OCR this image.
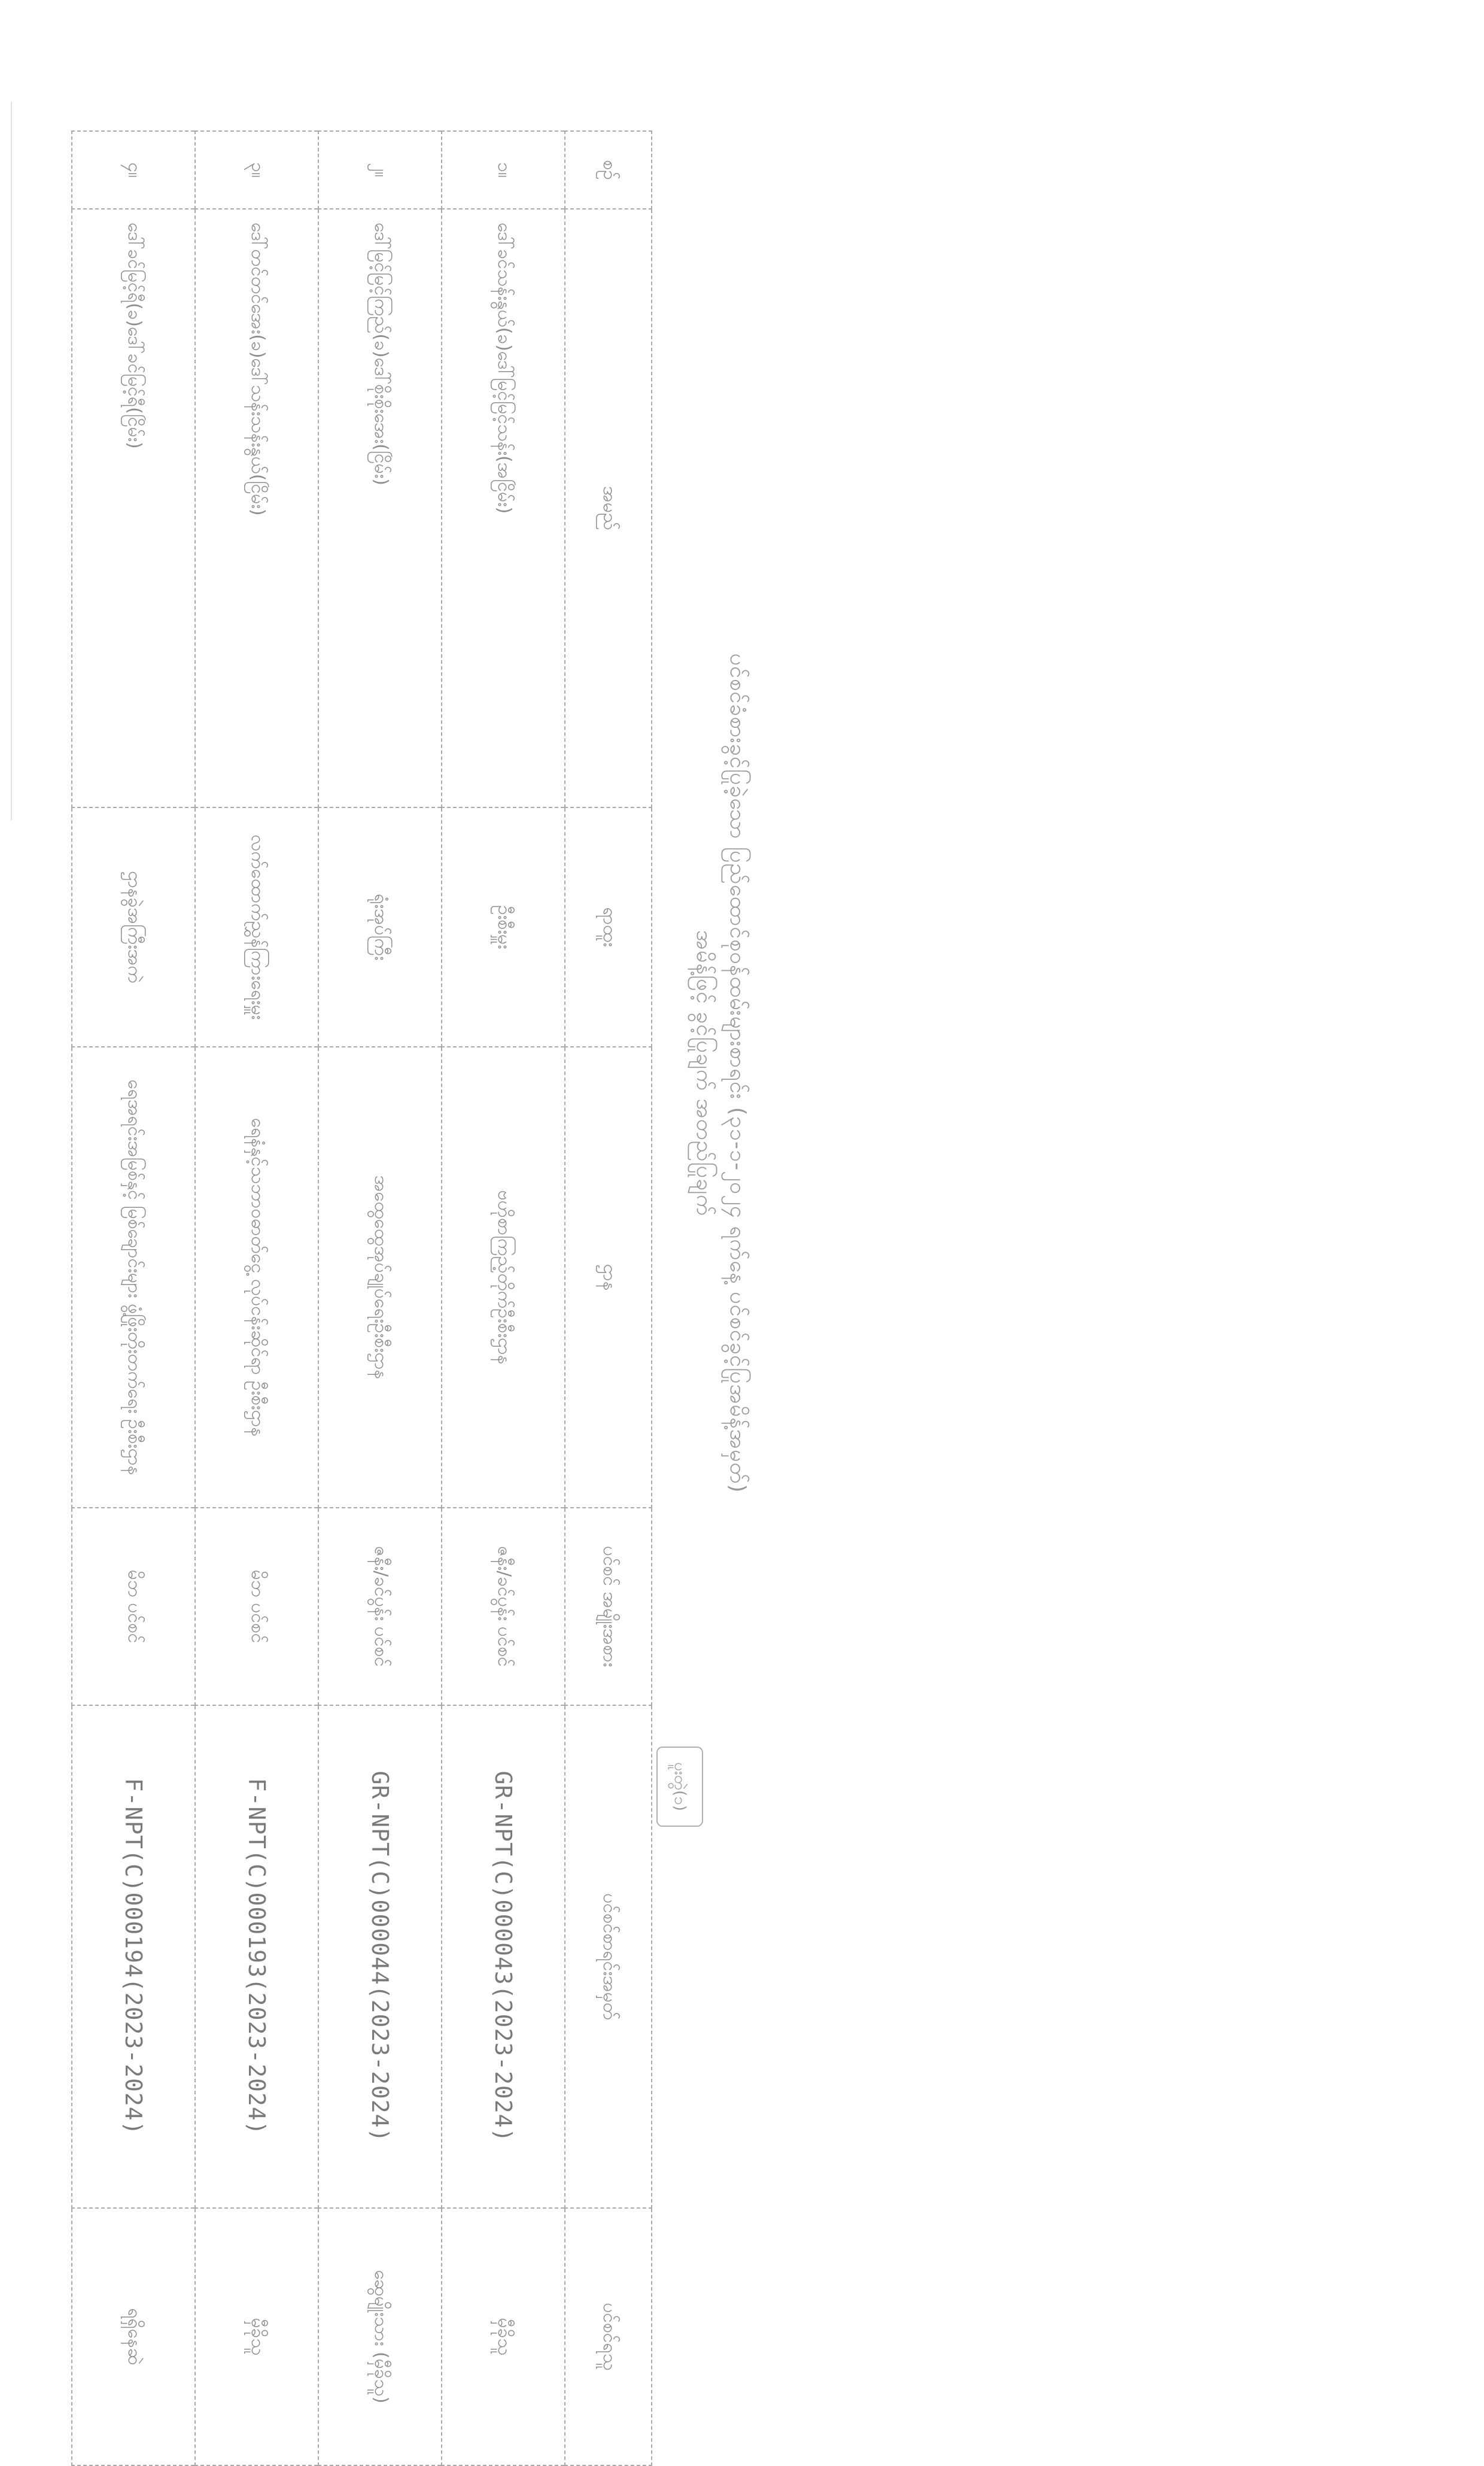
ပင်စင်ခံစားခွင့်ပြုခဲ့သော ပြည်ထောင်စုဝန်ထမ်းများစာရင်း (၃၁-၁-၂၀၂၄ ရက်နေ့ ပင်စင်ခွင့်ပြုအမိန့်အမှတ်)
အမိန့်ဖြင့် ခွင့်ပြုချက် အတည်ပြုချက်
ပူးတွဲ(၁)
စဉ်	အမည်	ရာထူး	ဌာန	ပင်စင် အမျိုးအစား	ပင်စင်စာရင်းအမှတ်	ပင်စင်ရသူ
၁။	ဒေါ်ခင်သန်းနွယ်(ခ)ဒေါ်မြင့်မြင့်သန်း(အငြိမ်း)	ဦးစီးမှူး	ဗဟိုစာကြည့်တိုက်ဦးစီးဌာန	ဇနီး/ခင်ပွန်း ပင်စင်	GR-NPT(C)000043(2023-2024)	မှီခိုသူ
၂။	ဒေါ်မြင့်မြင့်ကြည်(ခ)ဒေါ်စိုးစိုးအေး(ငြိမ်း)	ရုံးအုပ်ကြီး	အထွေထွေအုပ်ချုပ်ရေးဦးစီးဌာန	ဇနီး/ခင်ပွန်း ပင်စင်	GR-NPT(C)000044(2023-2024)	ဆွေမျိုးသား (မှီခိုသူ)
၃။	ဒေါ်တင်တင်အေး(ခ)ဒေါ်သန်းသန်းနွယ်(ငြိမ်း)	လက်ထောက်ညွှန်ကြားရေးမှူး	ရေနံနှင့်သဘာဝဓာတ်ငွေ့ လုပ်ငန်းဆိုင်ရာ ဦးစီးဌာန	မိဘ ပင်စင်	F-NPT(C)000193(2023-2024)	မှီခိုသူ
၄။	ဒေါ်ခင်မြင့်ရီ(ခ)ဒေါ်ခင်မြင့်ရီ(ငြိမ်း)	ဌာနခွဲအကြီးအကဲ	ရေအရင်းအမြစ်နှင့် မြစ်ချောင်းများ ဖွံ့ဖြိုးတိုးတက်ရေး ဦးစီးဌာန	မိဘ ပင်စင်	F-NPT(C)000194(2023-2024)	ရရှိနေဆဲ
